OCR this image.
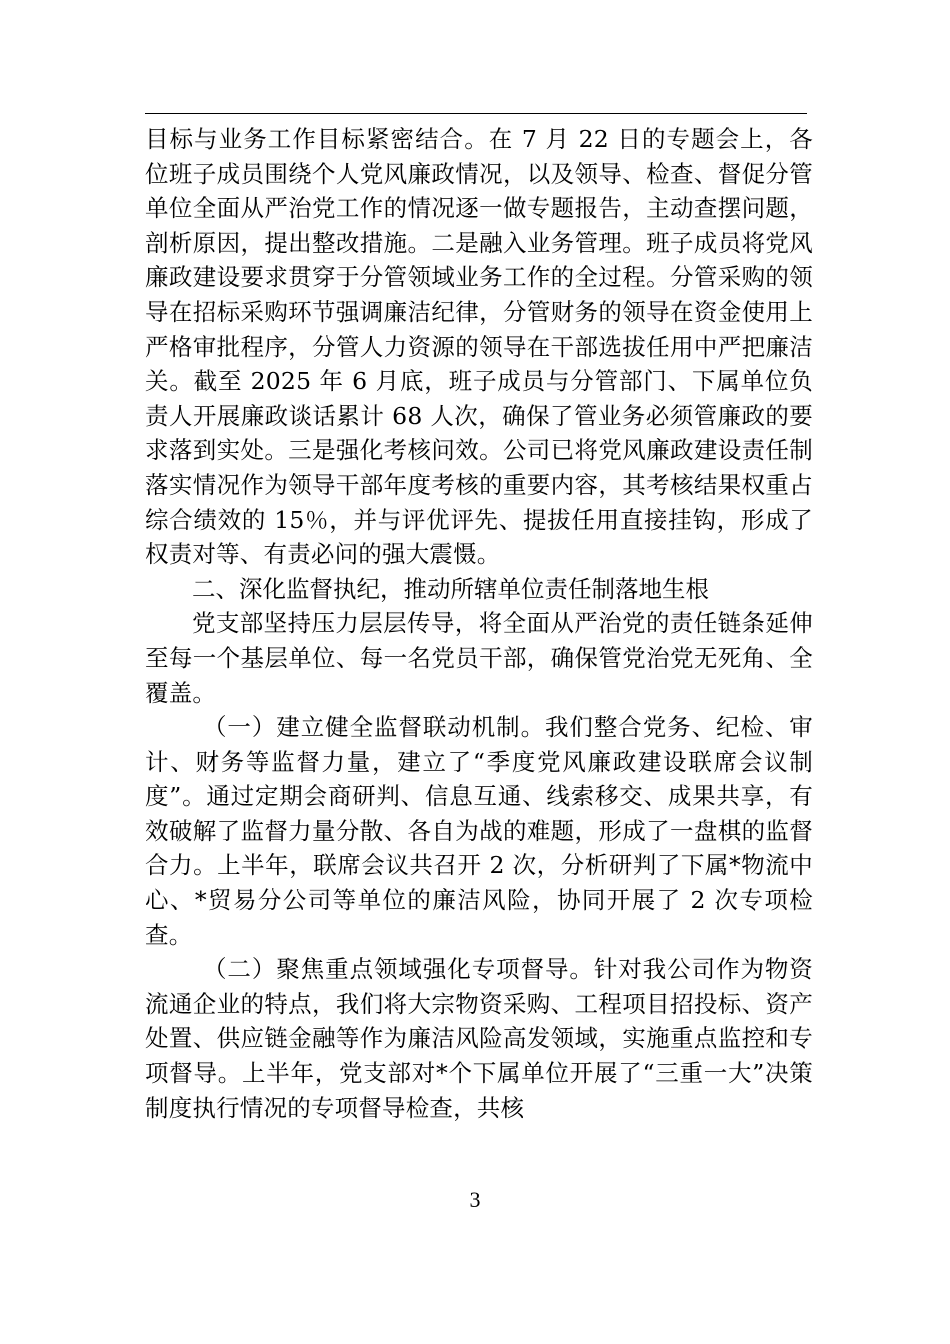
目标与业务工作目标紧密结合。在 7 月 22 日的专题会上，各位班子成员围绕个人党风廉政情况，以及领导、检查、督促分管单位全面从严治党工作的情况逐一做专题报告，主动查摆问题，剖析原因，提出整改措施。二是融入业务管理。班子成员将党风廉政建设要求贯穿于分管领域业务工作的全过程。分管采购的领导在招标采购环节强调廉洁纪律，分管财务的领导在资金使用上严格审批程序，分管人力资源的领导在干部选拔任用中严把廉洁关。截至 2025 年 6 月底，班子成员与分管部门、下属单位负责人开展廉政谈话累计 68 人次，确保了管业务必须管廉政的要求落到实处。三是强化考核问效。公司已将党风廉政建设责任制落实情况作为领导干部年度考核的重要内容，其考核结果权重占综合绩效的 15％，并与评优评先、提拔任用直接挂钩，形成了权责对等、有责必问的强大震慑。

二、深化监督执纪，推动所辖单位责任制落地生根

党支部坚持压力层层传导，将全面从严治党的责任链条延伸至每一个基层单位、每一名党员干部，确保管党治党无死角、全覆盖。

（一）建立健全监督联动机制。我们整合党务、纪检、审计、财务等监督力量，建立了“季度党风廉政建设联席会议制度”。通过定期会商研判、信息互通、线索移交、成果共享，有效破解了监督力量分散、各自为战的难题，形成了一盘棋的监督合力。上半年，联席会议共召开 2 次，分析研判了下属*物流中心、*贸易分公司等单位的廉洁风险，协同开展了 2 次专项检查。

（二）聚焦重点领域强化专项督导。针对我公司作为物资流通企业的特点，我们将大宗物资采购、工程项目招投标、资产处置、供应链金融等作为廉洁风险高发领域，实施重点监控和专项督导。上半年，党支部对*个下属单位开展了“三重一大”决策制度执行情况的专项督导检查，共核

3
